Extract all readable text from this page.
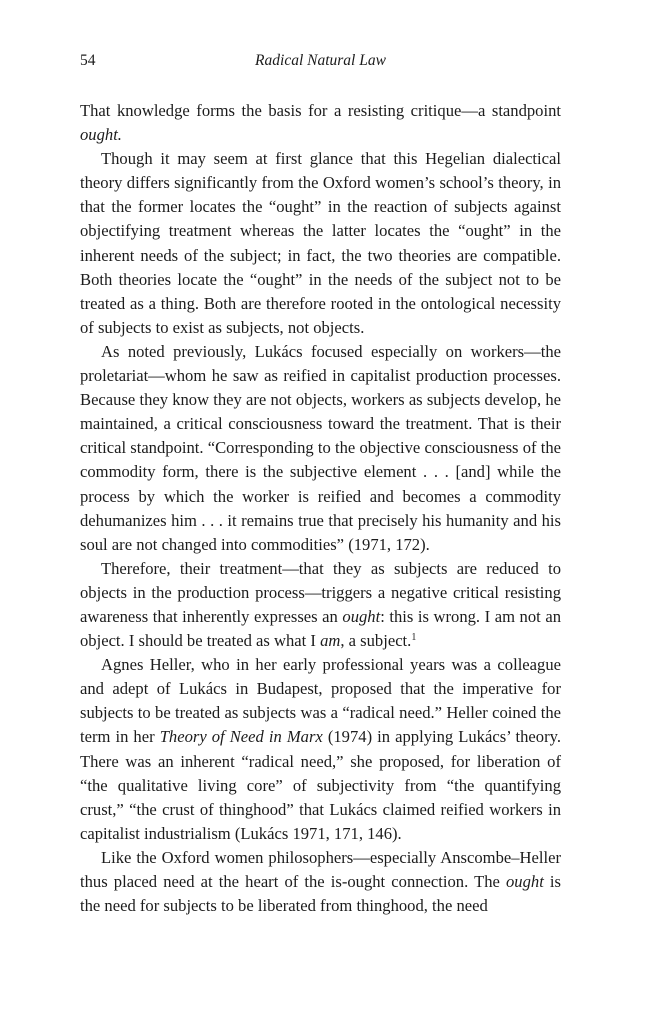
54	Radical Natural Law

That knowledge forms the basis for a resisting critique—a standpoint ought.

Though it may seem at first glance that this Hegelian dialectical theory differs significantly from the Oxford women’s school’s theory, in that the former locates the “ought” in the reaction of subjects against objectifying treatment whereas the latter locates the “ought” in the inherent needs of the subject; in fact, the two theories are compatible. Both theories locate the “ought” in the needs of the subject not to be treated as a thing. Both are therefore rooted in the ontological necessity of subjects to exist as subjects, not objects.

As noted previously, Lukács focused especially on workers—the proletariat—whom he saw as reified in capitalist production processes. Because they know they are not objects, workers as subjects develop, he maintained, a critical consciousness toward the treatment. That is their critical standpoint. “Corresponding to the objective consciousness of the commodity form, there is the subjective element . . . [and] while the process by which the worker is reified and becomes a commodity dehumanizes him . . . it remains true that precisely his humanity and his soul are not changed into commodities” (1971, 172).

Therefore, their treatment—that they as subjects are reduced to objects in the production process—triggers a negative critical resisting awareness that inherently expresses an ought: this is wrong. I am not an object. I should be treated as what I am, a subject.$^1$

Agnes Heller, who in her early professional years was a colleague and adept of Lukács in Budapest, proposed that the imperative for subjects to be treated as subjects was a “radical need.” Heller coined the term in her Theory of Need in Marx (1974) in applying Lukács’ theory. There was an inherent “radical need,” she proposed, for liberation of “the qualitative living core” of subjectivity from “the quantifying crust,” “the crust of thinghood” that Lukács claimed reified workers in capitalist industrialism (Lukács 1971, 171, 146).

Like the Oxford women philosophers—especially Anscombe–Heller thus placed need at the heart of the is-ought connection. The ought is the need for subjects to be liberated from thinghood, the need
